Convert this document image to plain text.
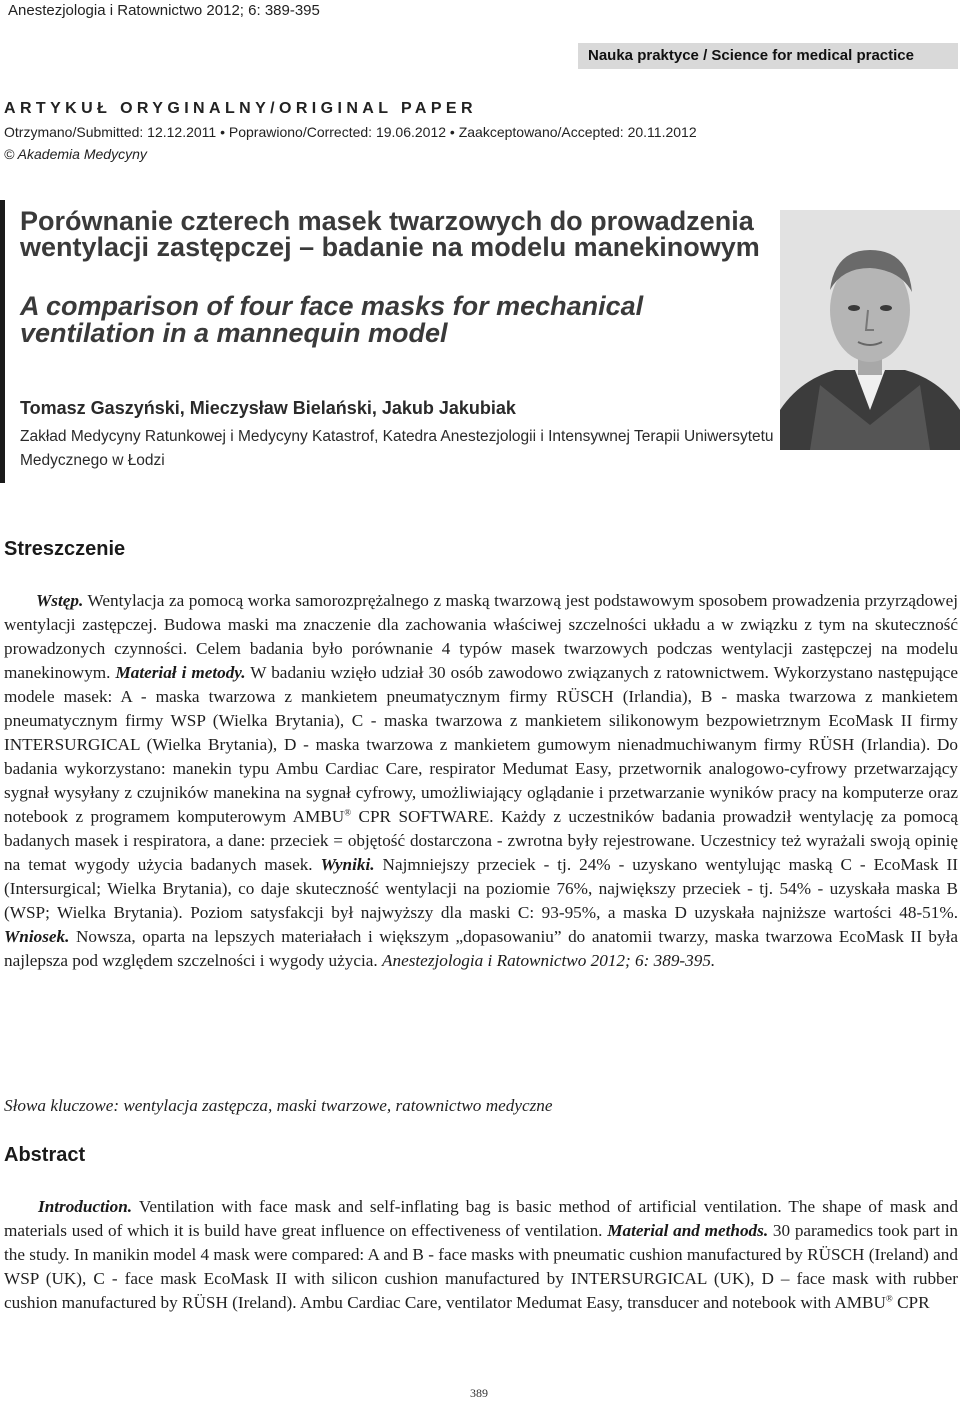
Anestezjologia i Ratownictwo 2012; 6: 389-395
Nauka praktyce / Science for medical practice
ARTYKUŁ ORYGINALNY/ORIGINAL PAPER
Otrzymano/Submitted: 12.12.2011 • Poprawiono/Corrected: 19.06.2012 • Zaakceptowano/Accepted: 20.11.2012
© Akademia Medycyny
Porównanie czterech masek twarzowych do prowadzenia wentylacji zastępczej – badanie na modelu manekinowym
A comparison of four face masks for mechanical ventilation in a mannequin model
Tomasz Gaszyński, Mieczysław Bielański, Jakub Jakubiak
Zakład Medycyny Ratunkowej i Medycyny Katastrof, Katedra Anestezjologii i Intensywnej Terapii Uniwersytetu Medycznego w Łodzi
Streszczenie
Wstęp. Wentylacja za pomocą worka samorozprężalnego z maską twarzową jest podstawowym sposobem prowadzenia przyrządowej wentylacji zastępczej. Budowa maski ma znaczenie dla zachowania właściwej szczelności układu a w związku z tym na skuteczność prowadzonych czynności. Celem badania było porównanie 4 typów masek twarzowych podczas wentylacji zastępczej na modelu manekinowym. Materiał i metody. W badaniu wzięło udział 30 osób zawodowo związanych z ratownictwem. Wykorzystano następujące modele masek: A - maska twarzowa z mankietem pneumatycznym firmy RÜSCH (Irlandia), B - maska twarzowa z mankietem pneumatycznym firmy WSP (Wielka Brytania), C - maska twarzowa z mankietem silikonowym bezpowietrznym EcoMask II firmy INTERSURGICAL (Wielka Brytania), D - maska twarzowa z mankietem gumowym nienadmuchiwanym firmy RÜSH (Irlandia). Do badania wykorzystano: manekin typu Ambu Cardiac Care, respirator Medumat Easy, przetwornik analogowo-cyfrowy przetwarzający sygnał wysyłany z czujników manekina na sygnał cyfrowy, umożliwiający oglądanie i przetwarzanie wyników pracy na komputerze oraz notebook z programem komputerowym AMBU® CPR SOFTWARE. Każdy z uczestników badania prowadził wentylację za pomocą badanych masek i respiratora, a dane: przeciek = objętość dostarczona - zwrotna były rejestrowane. Uczestnicy też wyrażali swoją opinię na temat wygody użycia badanych masek. Wyniki. Najmniejszy przeciek - tj. 24% - uzyskano wentylując maską C - EcoMask II (Intersurgical; Wielka Brytania), co daje skuteczność wentylacji na poziomie 76%, największy przeciek - tj. 54% - uzyskała maska B (WSP; Wielka Brytania). Poziom satysfakcji był najwyższy dla maski C: 93-95%, a maska D uzyskała najniższe wartości 48-51%. Wniosek. Nowsza, oparta na lepszych materiałach i większym „dopasowaniu” do anatomii twarzy, maska twarzowa EcoMask II była najlepsza pod względem szczelności i wygody użycia. Anestezjologia i Ratownictwo 2012; 6: 389-395.
Słowa kluczowe: wentylacja zastępcza, maski twarzowe, ratownictwo medyczne
Abstract
Introduction. Ventilation with face mask and self-inflating bag is basic method of artificial ventilation. The shape of mask and materials used of which it is build have great influence on effectiveness of ventilation. Material and methods. 30 paramedics took part in the study. In manikin model 4 mask were compared: A and B - face masks with pneumatic cushion manufactured by RÜSCH (Ireland) and WSP (UK), C - face mask EcoMask II with silicon cushion manufactured by INTERSURGICAL (UK), D – face mask with rubber cushion manufactured by RÜSH (Ireland). Ambu Cardiac Care, ventilator Medumat Easy, transducer and notebook with AMBU® CPR
389
